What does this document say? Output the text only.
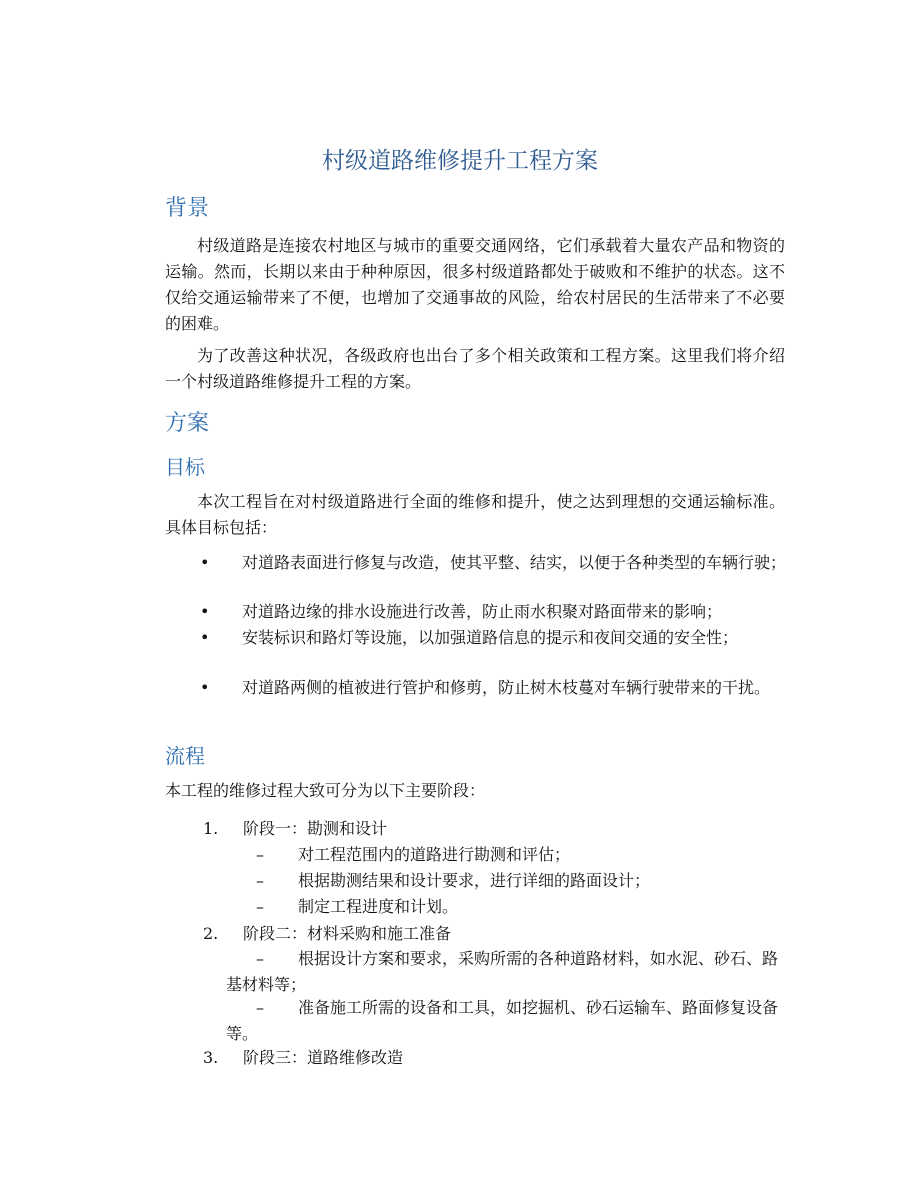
村级道路维修提升工程方案
背景
村级道路是连接农村地区与城市的重要交通网络，它们承载着大量农产品和物资的运输。然而，长期以来由于种种原因，很多村级道路都处于破败和不维护的状态。这不仅给交通运输带来了不便，也增加了交通事故的风险，给农村居民的生活带来了不必要的困难。
为了改善这种状况，各级政府也出台了多个相关政策和工程方案。这里我们将介绍一个村级道路维修提升工程的方案。
方案
目标
本次工程旨在对村级道路进行全面的维修和提升，使之达到理想的交通运输标准。具体目标包括：
• 对道路表面进行修复与改造，使其平整、结实，以便于各种类型的车辆行驶；
• 对道路边缘的排水设施进行改善，防止雨水积聚对路面带来的影响；
• 安装标识和路灯等设施，以加强道路信息的提示和夜间交通的安全性；
• 对道路两侧的植被进行管护和修剪，防止树木枝蔓对车辆行驶带来的干扰。
流程
本工程的维修过程大致可分为以下主要阶段：
1. 阶段一：勘测和设计
– 对工程范围内的道路进行勘测和评估；
– 根据勘测结果和设计要求，进行详细的路面设计；
– 制定工程进度和计划。
2. 阶段二：材料采购和施工准备
– 根据设计方案和要求，采购所需的各种道路材料，如水泥、砂石、路基材料等；
– 准备施工所需的设备和工具，如挖掘机、砂石运输车、路面修复设备等。
3. 阶段三：道路维修改造
